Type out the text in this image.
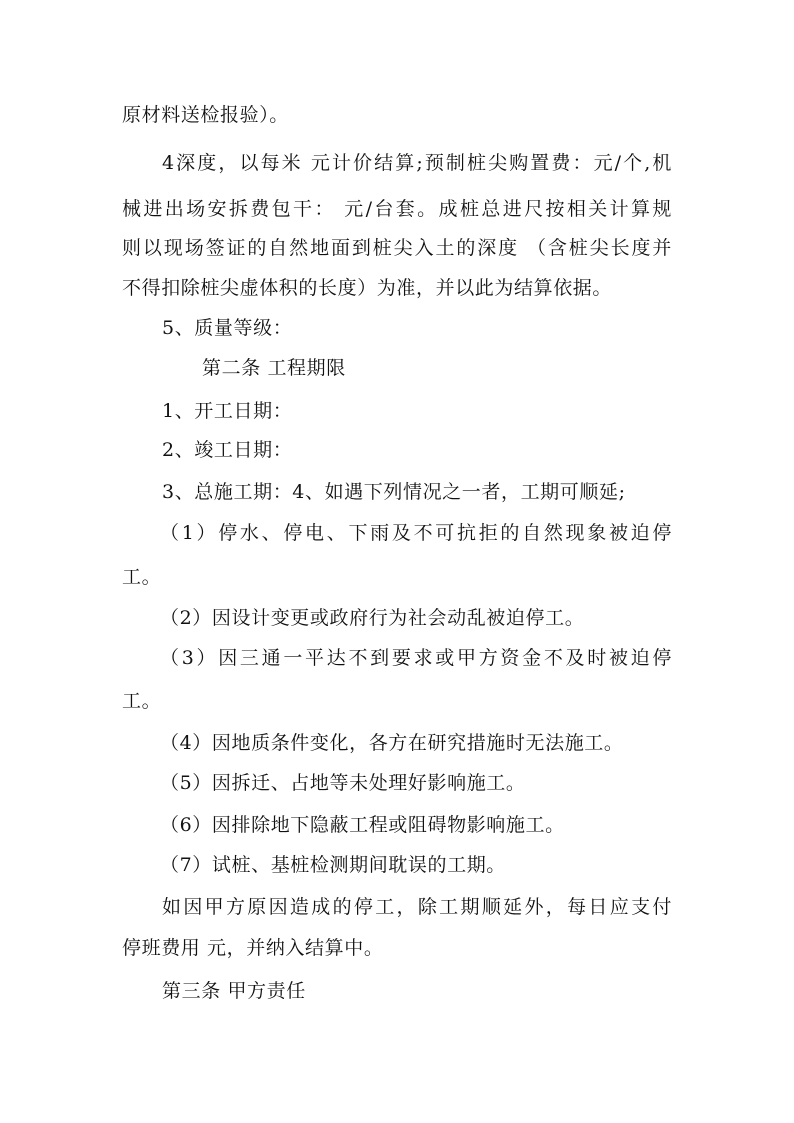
原材料送检报验）。
4深度，以每米 元计价结算;预制桩尖购置费：元/个,机
械进出场安拆费包干： 元/台套。成桩总进尺按相关计算规
则以现场签证的自然地面到桩尖入土的深度 （含桩尖长度并
不得扣除桩尖虚体积的长度）为准，并以此为结算依据。
5、质量等级：
第二条 工程期限
1、开工日期：
2、竣工日期：
3、总施工期：4、如遇下列情况之一者，工期可顺延;
（1）停水、停电、下雨及不可抗拒的自然现象被迫停
工。
（2）因设计变更或政府行为社会动乱被迫停工。
（3）因三通一平达不到要求或甲方资金不及时被迫停
工。
（4）因地质条件变化，各方在研究措施时无法施工。
（5）因拆迁、占地等未处理好影响施工。
（6）因排除地下隐蔽工程或阻碍物影响施工。
（7）试桩、基桩检测期间耽误的工期。
如因甲方原因造成的停工，除工期顺延外，每日应支付
停班费用 元，并纳入结算中。
第三条 甲方责任
